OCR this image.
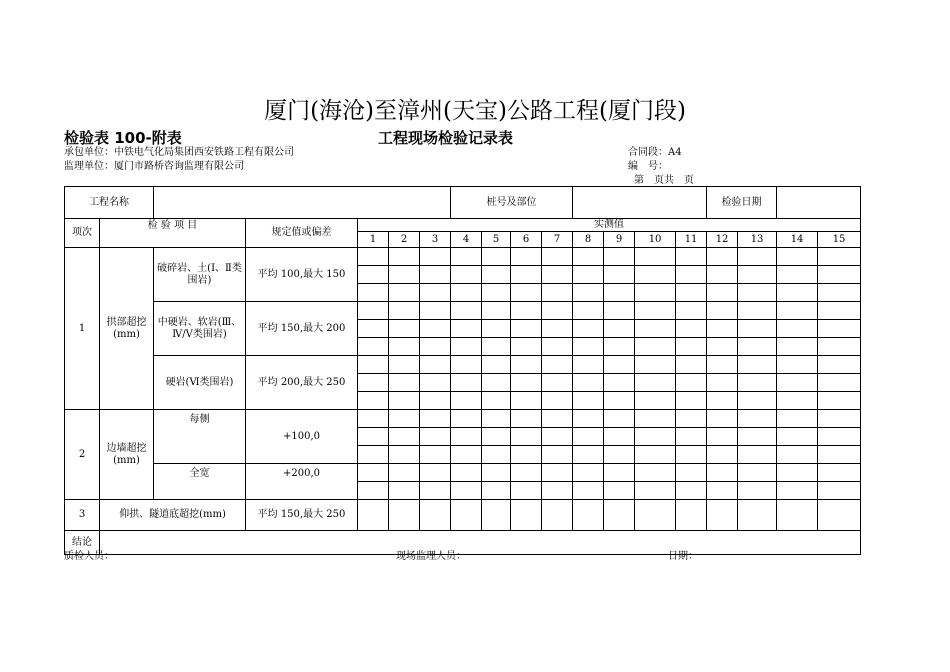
厦门(海沧)至漳州(天宝)公路工程(厦门段)
检验表 100-附表	工程现场检验记录表
承包单位：中铁电气化局集团西安铁路工程有限公司
监理单位：厦门市路桥咨询监理有限公司
合同段：A4
编　号：
第　页共　页
工程名称							桩号及部位								检验日期			
项次	检 验 项 目		规定值或偏差	实测值														
				1	2	3	4	5	6	7	8	9	10	11	12	13	14	15
1	拱部超挖 (mm)	破碎岩、土(Ⅰ、Ⅱ类围岩)	平均 100,最大 150															

		中硬岩、软岩(Ⅲ、Ⅳ/Ⅴ类围岩)	平均 150,最大 200															

		硬岩(Ⅵ类围岩)	平均 200,最大 250															

2	边墙超挖(mm)	每侧	+100,0															

		全宽	+200,0															

3	仰拱、隧道底超挖(mm)		平均 150,最大 250															
结论																		
质检人员：	现场监理人员：	日期：
